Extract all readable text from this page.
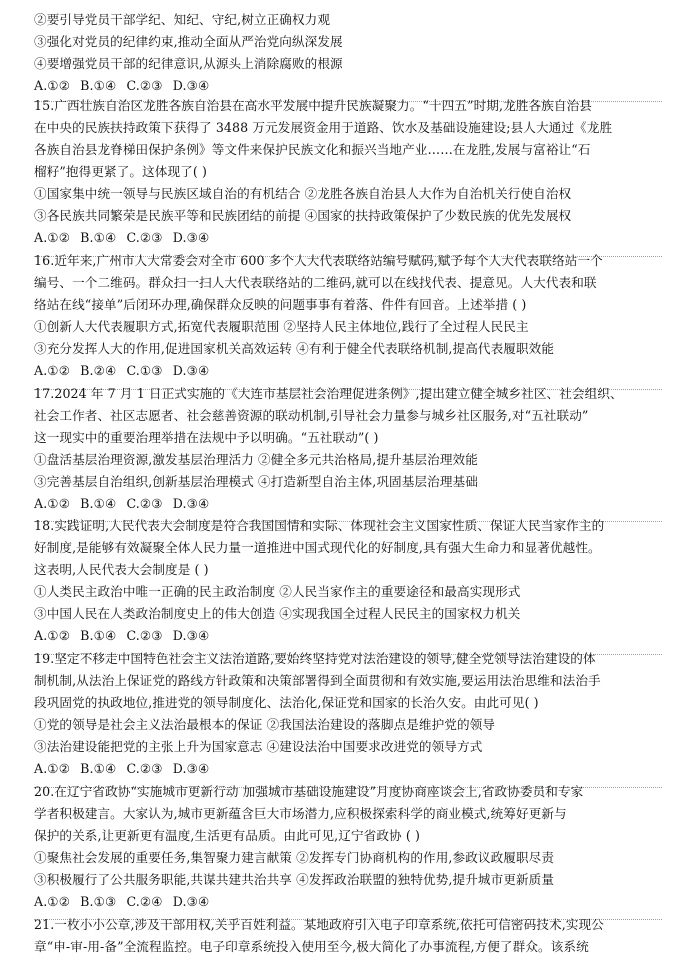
②要引导党员干部学纪、知纪、守纪,树立正确权力观
③强化对党员的纪律约束,推动全面从严治党向纵深发展
④要增强党员干部的纪律意识,从源头上消除腐败的根源
A.①② B.①④ C.②③ D.③④
15.广西壮族自治区龙胜各族自治县在高水平发展中提升民族凝聚力。“十四五”时期,龙胜各族自治县
在中央的民族扶持政策下获得了 3488 万元发展资金用于道路、饮水及基础设施建设;县人大通过《龙胜
各族自治县龙脊梯田保护条例》等文件来保护民族文化和振兴当地产业……在龙胜,发展与富裕让“石
榴籽”抱得更紧了。这体现了( )
①国家集中统一领导与民族区域自治的有机结合 ②龙胜各族自治县人大作为自治机关行使自治权
③各民族共同繁荣是民族平等和民族团结的前提 ④国家的扶持政策保护了少数民族的优先发展权
A.①② B.①④ C.②③ D.③④
16.近年来,广州市人大常委会对全市 600 多个人大代表联络站编号赋码,赋予每个人大代表联络站一个
编号、一个二维码。群众扫一扫人大代表联络站的二维码,就可以在线找代表、提意见。人大代表和联
络站在线“接单”后闭环办理,确保群众反映的问题事事有着落、件件有回音。上述举措 ( )
①创新人大代表履职方式,拓宽代表履职范围 ②坚持人民主体地位,践行了全过程人民民主
③充分发挥人大的作用,促进国家机关高效运转 ④有利于健全代表联络机制,提高代表履职效能
A.①② B.②④ C.①③ D.③④
17.2024 年 7 月 1 日正式实施的《大连市基层社会治理促进条例》,提出建立健全城乡社区、社会组织、
社会工作者、社区志愿者、社会慈善资源的联动机制,引导社会力量参与城乡社区服务,对“五社联动”
这一现实中的重要治理举措在法规中予以明确。“五社联动”( )
①盘活基层治理资源,激发基层治理活力 ②健全多元共治格局,提升基层治理效能
③完善基层自治组织,创新基层治理模式 ④打造新型自治主体,巩固基层治理基础
A.①② B.①④ C.②③ D.③④
18.实践证明,人民代表大会制度是符合我国国情和实际、体现社会主义国家性质、保证人民当家作主的
好制度,是能够有效凝聚全体人民力量一道推进中国式现代化的好制度,具有强大生命力和显著优越性。
这表明,人民代表大会制度是 ( )
①人类民主政治中唯一正确的民主政治制度 ②人民当家作主的重要途径和最高实现形式
③中国人民在人类政治制度史上的伟大创造 ④实现我国全过程人民民主的国家权力机关
A.①② B.①④ C.②③ D.③④
19.坚定不移走中国特色社会主义法治道路,要始终坚持党对法治建设的领导,健全党领导法治建设的体
制机制,从法治上保证党的路线方针政策和决策部署得到全面贯彻和有效实施,要运用法治思维和法治手
段巩固党的执政地位,推进党的领导制度化、法治化,保证党和国家的长治久安。由此可见( )
①党的领导是社会主义法治最根本的保证 ②我国法治建设的落脚点是维护党的领导
③法治建设能把党的主张上升为国家意志 ④建设法治中国要求改进党的领导方式
A.①② B.①④ C.②③ D.③④
20.在辽宁省政协“实施城市更新行动 加强城市基础设施建设”月度协商座谈会上,省政协委员和专家
学者积极建言。大家认为,城市更新蕴含巨大市场潜力,应积极探索科学的商业模式,统筹好更新与
保护的关系,让更新更有温度,生活更有品质。由此可见,辽宁省政协 ( )
①聚焦社会发展的重要任务,集智聚力建言献策 ②发挥专门协商机构的作用,参政议政履职尽责
③积极履行了公共服务职能,共谋共建共治共享 ④发挥政治联盟的独特优势,提升城市更新质量
A.①② B.①③ C.②④ D.③④
21.一枚小小公章,涉及干部用权,关乎百姓利益。某地政府引入电子印章系统,依托可信密码技术,实现公
章“申-审-用-备”全流程监控。电子印章系统投入使用至今,极大简化了办事流程,方便了群众。该系统
